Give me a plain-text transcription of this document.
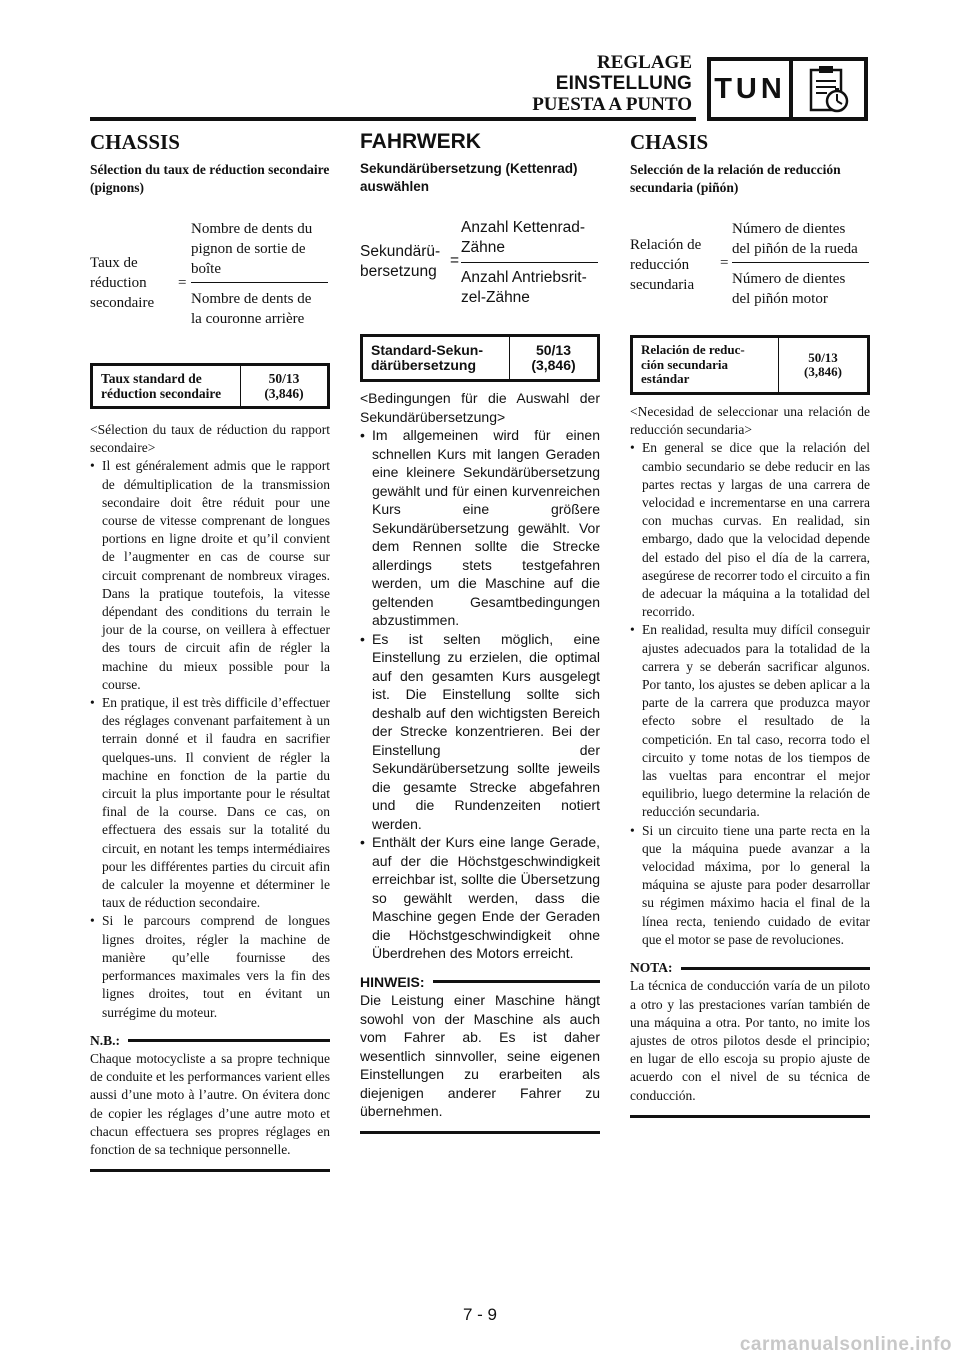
REGLAGE
EINSTELLUNG
PUESTA A PUNTO TUN
CHASSIS

Sélection du taux de réduction secondaire (pignons)

Taux de
réduction
secondaire
=
Nombre de dents du
pignon de sortie de
boîte
Nombre de dents de
la couronne arrière
Taux standard de
réduction secondaire
50/13
(3,846)

<Sélection du taux de réduction du rapport secondaire>

• Il est généralement admis que le rapport de démultiplication de la transmission secondaire doit être réduit pour une course de vitesse comprenant de longues portions en ligne droite et qu’il convient de l’augmenter en cas de course sur circuit comprenant de nombreux virages. Dans la pratique toutefois, la vitesse dépendant des conditions du terrain le jour de la course, on veillera à effectuer des tours de circuit afin de régler la machine du mieux possible pour la course.
• En pratique, il est très difficile d’effectuer des réglages convenant parfaitement à un terrain donné et il faudra en sacrifier quelques-uns. Il convient de régler la machine en fonction de la partie du circuit la plus importante pour le résultat final de la course. Dans ce cas, on effectuera des essais sur la totalité du circuit, en notant les temps intermédiaires pour les différentes parties du circuit afin de calculer la moyenne et déterminer le taux de réduction secondaire.
• Si le parcours comprend de longues lignes droites, régler la machine de manière qu’elle fournisse des performances maximales vers la fin des lignes droites, tout en évitant un surrégime du moteur.
N.B.:

Chaque motocycliste a sa propre technique de conduite et les performances varient elles aussi d’une moto à l’autre. On évitera donc de copier les réglages d’une autre moto et chacun effectuera ses propres réglages en fonction de sa technique personnelle.

FAHRWERK

Sekundärübersetzung (Kettenrad) auswählen

Sekundärü-
bersetzung
=
Anzahl Kettenrad-
Zähne
Anzahl Antriebsrit-
zel-Zähne
Standard-Sekun-
därübersetzung
50/13
(3,846)

<Bedingungen für die Auswahl der Sekundärübersetzung>

• Im allgemeinen wird für einen schnellen Kurs mit langen Geraden eine kleinere Sekundärübersetzung gewählt und für einen kurvenreichen Kurs eine größere Sekundärübersetzung gewählt. Vor dem Rennen sollte die Strecke allerdings stets testgefahren werden, um die Maschine auf die geltenden Gesamtbedingungen abzustimmen.
• Es ist selten möglich, eine Einstellung zu erzielen, die optimal auf den gesamten Kurs ausgelegt ist. Die Einstellung sollte sich deshalb auf den wichtigsten Bereich der Strecke konzentrieren. Bei der Einstellung der Sekundärübersetzung sollte jeweils die gesamte Strecke abgefahren und die Rundenzeiten notiert werden.
• Enthält der Kurs eine lange Gerade, auf der die Höchstgeschwindigkeit erreichbar ist, sollte die Übersetzung so gewählt werden, dass die Maschine gegen Ende der Geraden die Höchstgeschwindigkeit ohne Überdrehen des Motors erreicht.
HINWEIS:

Die Leistung einer Maschine hängt sowohl von der Maschine als auch vom Fahrer ab. Es ist daher wesentlich sinnvoller, seine eigenen Einstellungen zu erarbeiten als diejenigen anderer Fahrer zu übernehmen.

CHASIS

Selección de la relación de reducción secundaria (piñón)

Relación de
reducción
secundaria
=
Número de dientes
del piñón de la rueda
Número de dientes
del piñón motor
Relación de reduc-
ción secundaria
estándar
50/13
(3,846)

<Necesidad de seleccionar una relación de reducción secundaria>

• En general se dice que la relación del cambio secundario se debe reducir en las partes rectas y largas de una carrera de velocidad e incrementarse en una carrera con muchas curvas. En realidad, sin embargo, dado que la velocidad depende del estado del piso el día de la carrera, asegúrese de recorrer todo el circuito a fin de adecuar la máquina a la totalidad del recorrido.
• En realidad, resulta muy difícil conseguir ajustes adecuados para la totalidad de la carrera y se deberán sacrificar algunos. Por tanto, los ajustes se deben aplicar a la parte de la carrera que produzca mayor efecto sobre el resultado de la competición. En tal caso, recorra todo el circuito y tome notas de los tiempos de las vueltas para encontrar el mejor equilibrio, luego determine la relación de reducción secundaria.
• Si un circuito tiene una parte recta en la que la máquina puede avanzar a la velocidad máxima, por lo general la máquina se ajuste para poder desarrollar su régimen máximo hacia el final de la línea recta, teniendo cuidado de evitar que el motor se pase de revoluciones.
NOTA:

La técnica de conducción varía de un piloto a otro y las prestaciones varían también de una máquina a otra. Por tanto, no imite los ajustes de otros pilotos desde el principio; en lugar de ello escoja su propio ajuste de acuerdo con el nivel de su técnica de conducción.

7 - 9
carmanualsonline.info
